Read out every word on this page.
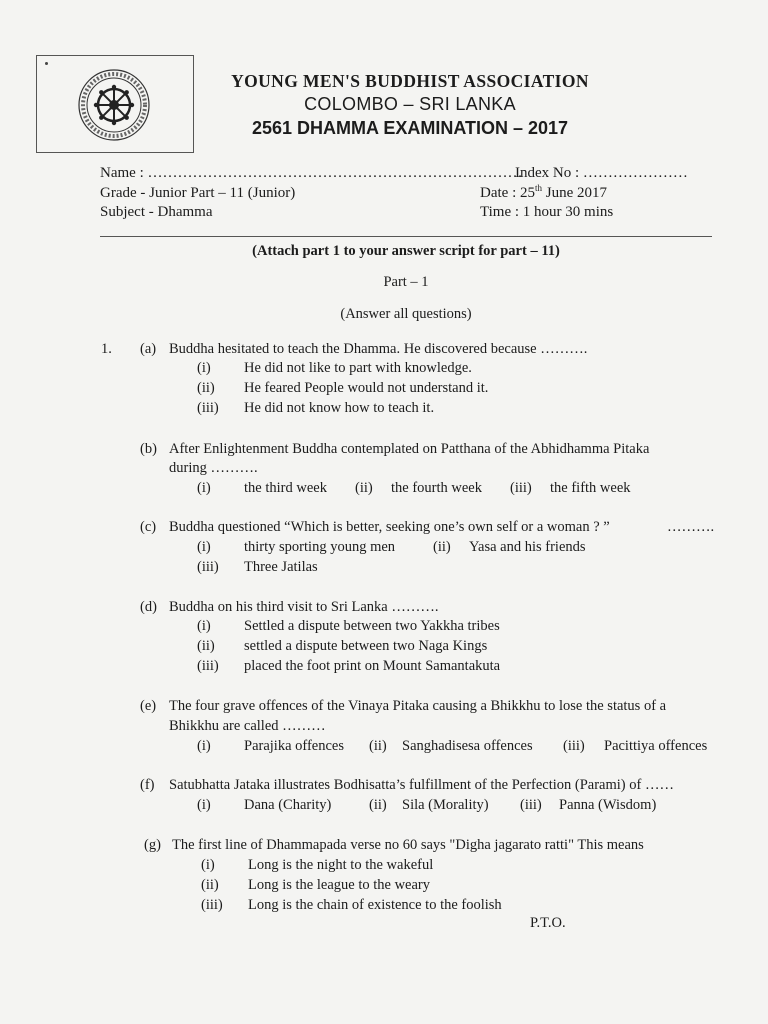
YOUNG MEN'S BUDDHIST ASSOCIATION
COLOMBO – SRI LANKA
2561 DHAMMA EXAMINATION – 2017
Name : …………………………………………………………………
Index No : …………………
Grade - Junior Part – 11 (Junior)	Date : 25th June 2017
Subject - Dhamma	Time : 1 hour 30 mins
(Attach part 1 to your answer script for part – 11)
Part – 1
(Answer all questions)
1. (a) Buddha hesitated to teach the Dhamma. He discovered because ……….
(i) He did not like to part with knowledge.
(ii) He feared People would not understand it.
(iii) He did not know how to teach it.
(b) After Enlightenment Buddha contemplated on Patthana of the Abhidhamma Pitaka
during ……….
(i) the third week (ii) the fourth week (iii) the fifth week
(c) Buddha questioned “Which is better, seeking one’s own self or a woman ? ”	……….
(i) thirty sporting young men	(ii) Yasa and his friends
(iii) Three Jatilas
(d) Buddha on his third visit to Sri Lanka ……….
(i) Settled a dispute between two Yakkha tribes
(ii) settled a dispute between two Naga Kings
(iii) placed the foot print on Mount Samantakuta
(e) The four grave offences of the Vinaya Pitaka causing a Bhikkhu to lose the status of a
Bhikkhu are called ………
(i) Parajika offences (ii) Sanghadisesa offences (iii) Pacittiya offences
(f) Satubhatta Jataka illustrates Bodhisatta’s fulfillment of the Perfection (Parami) of ……
(i) Dana (Charity)	(ii) Sila (Morality) (iii) Panna (Wisdom)
(g) The first line of Dhammapada verse no 60 says "Digha jagarato ratti" This means
(i) Long is the night to the wakeful
(ii) Long is the league to the weary
(iii) Long is the chain of existence to the foolish
P.T.O.
